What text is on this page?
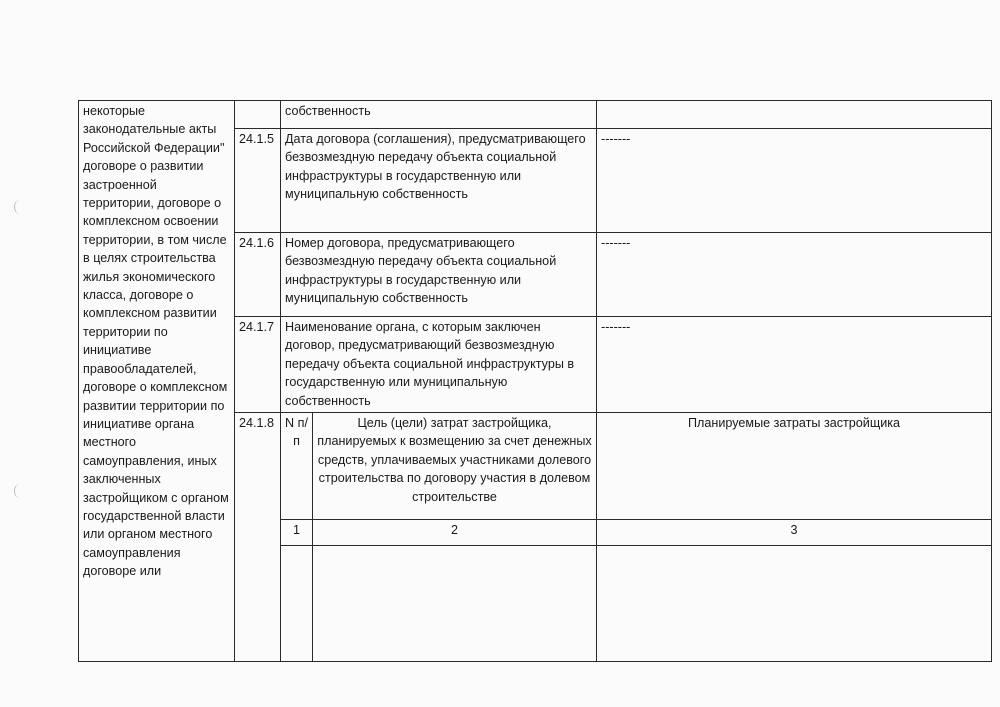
некоторые законодательные акты Российской Федерации" договоре о развитии застроенной территории, договоре о комплексном освоении территории, в том числе в целях строительства жилья экономического класса, договоре о комплексном развитии территории по инициативе правообладателей, договоре о комплексном развитии территории по инициативе органа местного самоуправления, иных заключенных застройщиком с органом государственной власти или органом местного самоуправления договоре или		собственность		
	24.1.5	Дата договора (соглашения), предусматривающего безвозмездную передачу объекта социальной инфраструктуры в государственную или муниципальную собственность		-------
	24.1.6	Номер договора, предусматривающего безвозмездную передачу объекта социальной инфраструктуры в государственную или муниципальную собственность		-------
	24.1.7	Наименование органа, с которым заключен договор, предусматривающий безвозмездную передачу объекта социальной инфраструктуры в государственную или муниципальную собственность		-------
	24.1.8	N п/п	Цель (цели) затрат застройщика, планируемых к возмещению за счет денежных средств, уплачиваемых участниками долевого строительства по договору участия в долевом строительстве	Планируемые затраты застройщика
		1	2	3
